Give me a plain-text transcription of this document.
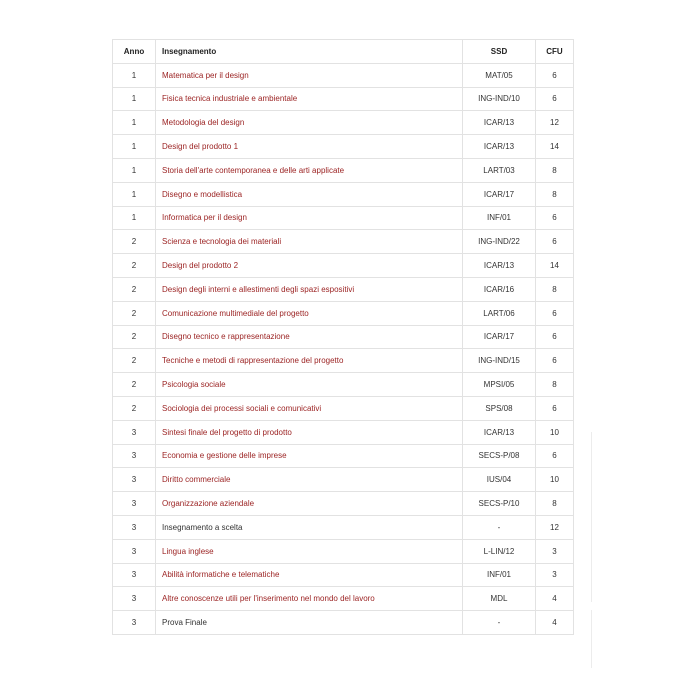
Anno	Insegnamento	SSD	CFU
1	Matematica per il design	MAT/05	6
1	Fisica tecnica industriale e ambientale	ING-IND/10	6
1	Metodologia del design	ICAR/13	12
1	Design del prodotto 1	ICAR/13	14
1	Storia dell'arte contemporanea e delle arti applicate	LART/03	8
1	Disegno e modellistica	ICAR/17	8
1	Informatica per il design	INF/01	6
2	Scienza e tecnologia dei materiali	ING-IND/22	6
2	Design del prodotto 2	ICAR/13	14
2	Design degli interni e allestimenti degli spazi espositivi	ICAR/16	8
2	Comunicazione multimediale del progetto	LART/06	6
2	Disegno tecnico e rappresentazione	ICAR/17	6
2	Tecniche e metodi di rappresentazione del progetto	ING-IND/15	6
2	Psicologia sociale	MPSI/05	8
2	Sociologia dei processi sociali e comunicativi	SPS/08	6
3	Sintesi finale del progetto di prodotto	ICAR/13	10
3	Economia e gestione delle imprese	SECS-P/08	6
3	Diritto commerciale	IUS/04	10
3	Organizzazione aziendale	SECS-P/10	8
3	Insegnamento a scelta	-	12
3	Lingua inglese	L-LIN/12	3
3	Abilità informatiche e telematiche	INF/01	3
3	Altre conoscenze utili per l'inserimento nel mondo del lavoro	MDL	4
3	Prova Finale	-	4
